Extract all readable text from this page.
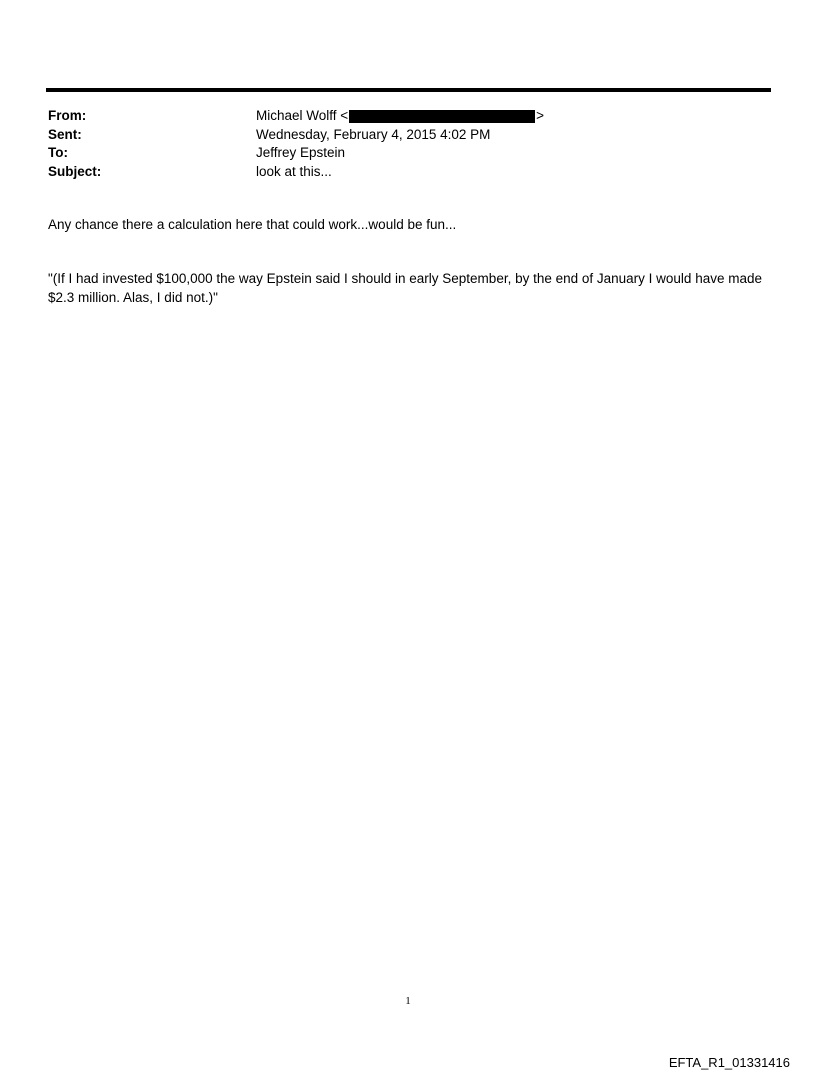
From:	Michael Wolff <	>
Sent:	Wednesday, February 4, 2015 4:02 PM
To:	Jeffrey Epstein
Subject:	look at this...
Any chance there a calculation here that could work...would be fun...
"(If I had invested $100,000 the way Epstein said I should in early September, by the end of January I would have made $2.3 million. Alas, I did not.)"
1
EFTA_R1_01331416
